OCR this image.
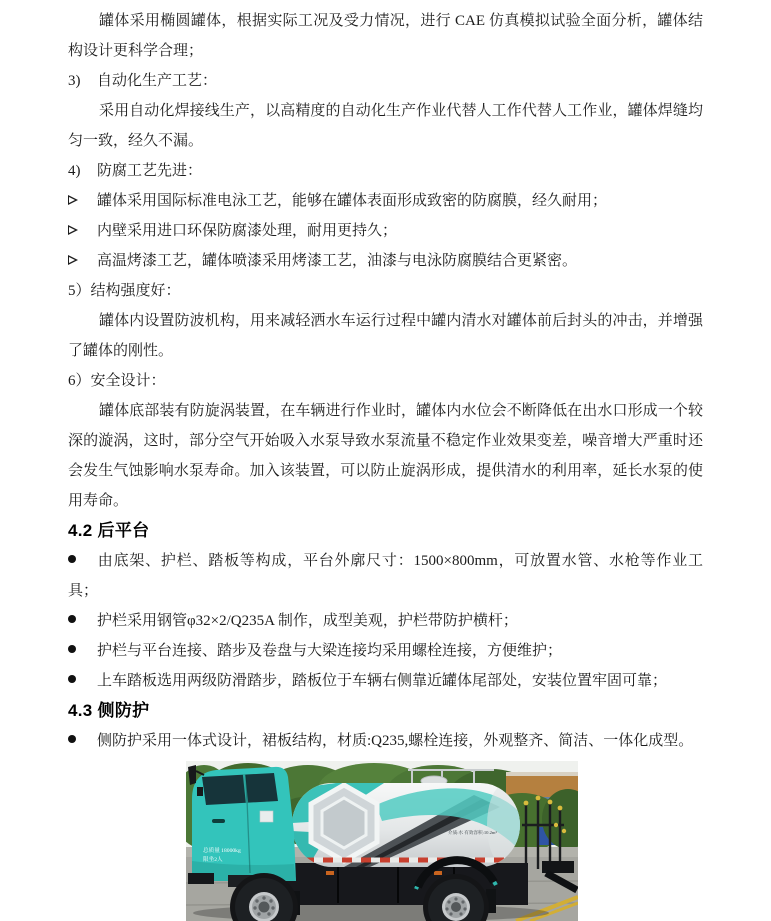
罐体采用椭圆罐体，根据实际工况及受力情况，进行 CAE 仿真模拟试验全面分析，罐体结构设计更科学合理；

3) 自动化生产工艺：

采用自动化焊接线生产，以高精度的自动化生产作业代替人工作代替人工作业，罐体焊缝均匀一致，经久不漏。

4) 防腐工艺先进：

罐体采用国际标准电泳工艺，能够在罐体表面形成致密的防腐膜，经久耐用；

内壁采用进口环保防腐漆处理，耐用更持久；

高温烤漆工艺，罐体喷漆采用烤漆工艺，油漆与电泳防腐膜结合更紧密。

5）结构强度好：

罐体内设置防波机构，用来减轻洒水车运行过程中罐内清水对罐体前后封头的冲击，并增强了罐体的刚性。

6）安全设计：

罐体底部装有防旋涡装置，在车辆进行作业时，罐体内水位会不断降低在出水口形成一个较深的漩涡，这时，部分空气开始吸入水泵导致水泵流量不稳定作业效果变差，噪音增大严重时还会发生气蚀影响水泵寿命。加入该装置，可以防止旋涡形成，提供清水的利用率，延长水泵的使用寿命。

4.2 后平台

由底架、护栏、踏板等构成，平台外廓尺寸：1500×800mm，可放置水管、水枪等作业工具；

护栏采用钢管φ32×2/Q235A 制作，成型美观，护栏带防护横杆；

护栏与平台连接、踏步及卷盘与大梁连接均采用螺栓连接，方便维护；

上车踏板选用两级防滑踏步，踏板位于车辆右侧靠近罐体尾部处，安装位置牢固可靠；

4.3 侧防护

侧防护采用一体式设计，裙板结构，材质:Q235,螺栓连接，外观整齐、简洁、一体化成型。

介质:水 有效容积:10.2m³
总质量 18000kg
限坐2人
